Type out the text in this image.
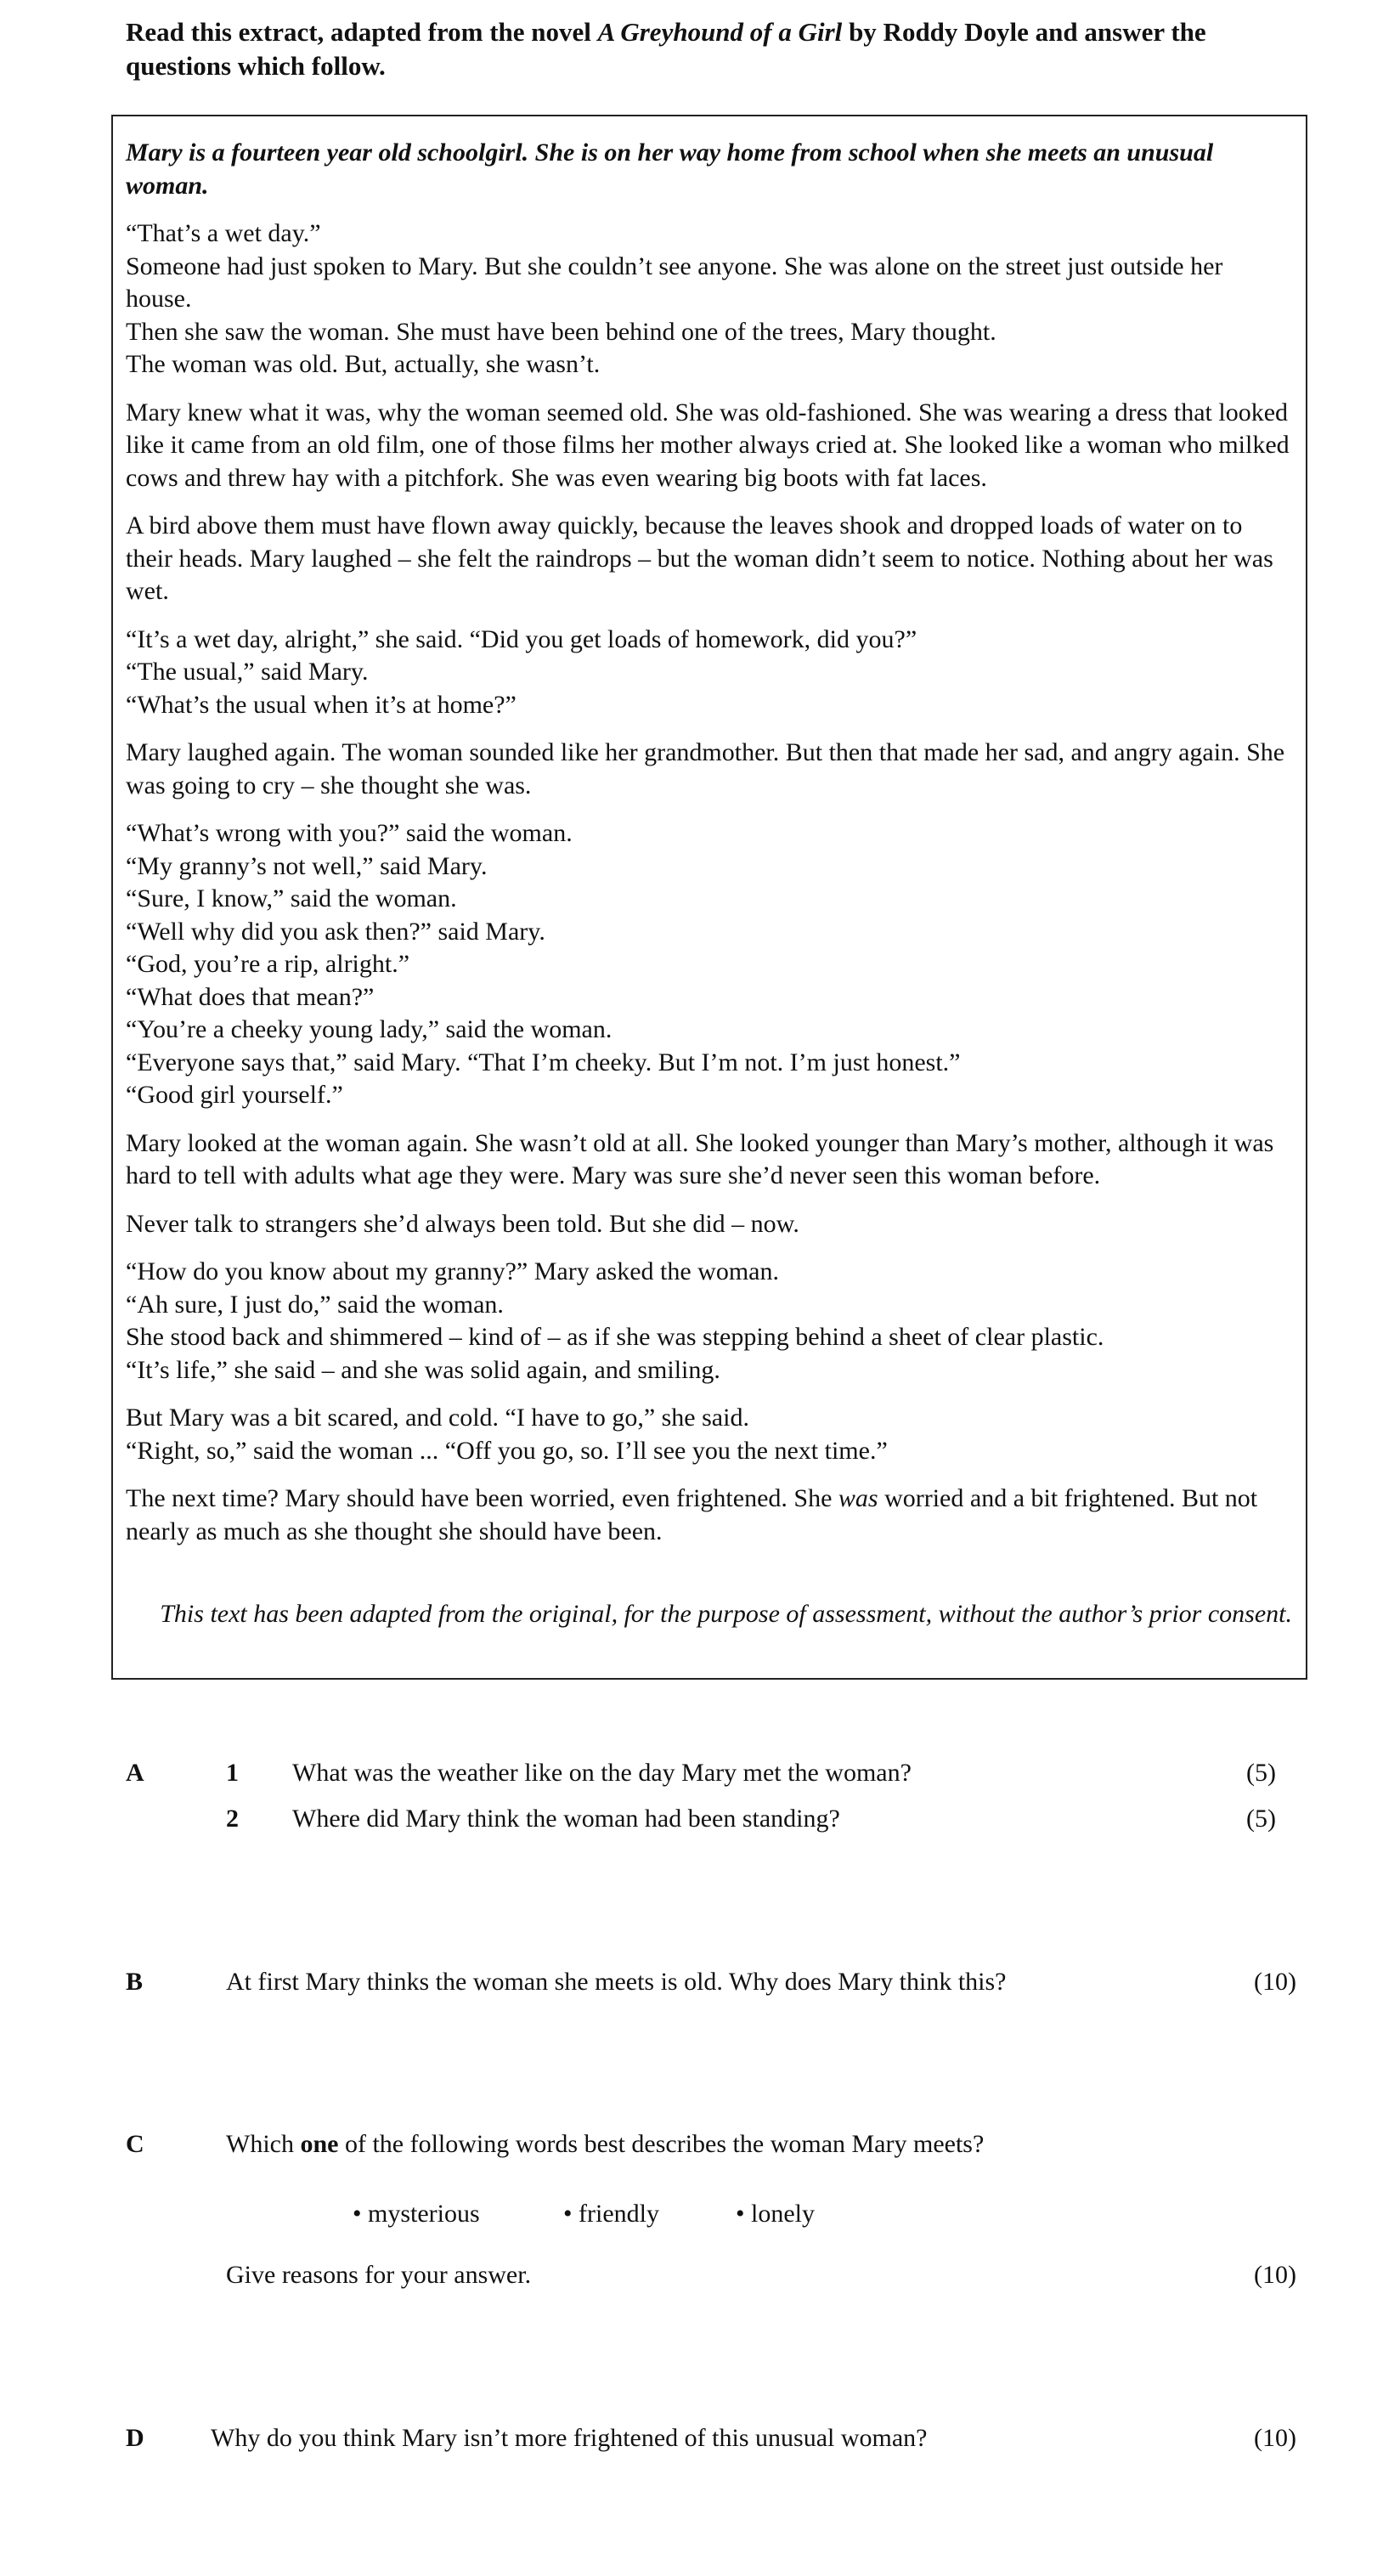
Read this extract, adapted from the novel A Greyhound of a Girl by Roddy Doyle and answer the questions which follow.

Mary is a fourteen year old schoolgirl. She is on her way home from school when she meets an unusual woman.

“That’s a wet day.”
Someone had just spoken to Mary. But she couldn’t see anyone. She was alone on the street just outside her house.
Then she saw the woman. She must have been behind one of the trees, Mary thought.
The woman was old. But, actually, she wasn’t.

Mary knew what it was, why the woman seemed old. She was old-fashioned. She was wearing a dress that looked like it came from an old film, one of those films her mother always cried at. She looked like a woman who milked cows and threw hay with a pitchfork. She was even wearing big boots with fat laces.

A bird above them must have flown away quickly, because the leaves shook and dropped loads of water on to their heads. Mary laughed – she felt the raindrops – but the woman didn’t seem to notice. Nothing about her was wet.

“It’s a wet day, alright,” she said. “Did you get loads of homework, did you?”
“The usual,” said Mary.
“What’s the usual when it’s at home?”

Mary laughed again. The woman sounded like her grandmother. But then that made her sad, and angry again. She was going to cry – she thought she was.

“What’s wrong with you?” said the woman.
“My granny’s not well,” said Mary.
“Sure, I know,” said the woman.
“Well why did you ask then?” said Mary.
“God, you’re a rip, alright.”
“What does that mean?”
“You’re a cheeky young lady,” said the woman.
“Everyone says that,” said Mary. “That I’m cheeky. But I’m not. I’m just honest.”
“Good girl yourself.”

Mary looked at the woman again. She wasn’t old at all. She looked younger than Mary’s mother, although it was hard to tell with adults what age they were. Mary was sure she’d never seen this woman before.

Never talk to strangers she’d always been told. But she did – now.

“How do you know about my granny?” Mary asked the woman.
“Ah sure, I just do,” said the woman.
She stood back and shimmered – kind of – as if she was stepping behind a sheet of clear plastic.
“It’s life,” she said – and she was solid again, and smiling.

But Mary was a bit scared, and cold. “I have to go,” she said.
“Right, so,” said the woman ... “Off you go, so. I’ll see you the next time.”

The next time? Mary should have been worried, even frightened. She was worried and a bit frightened. But not nearly as much as she thought she should have been.

This text has been adapted from the original, for the purpose of assessment, without the author’s prior consent.

A	1 What was the weather like on the day Mary met the woman?	(5)
2 Where did Mary think the woman had been standing?	(5)
B	At first Mary thinks the woman she meets is old. Why does Mary think this?	(10)
C	Which one of the following words best describes the woman Mary meets?
• mysterious	• friendly	• lonely
Give reasons for your answer.	(10)
D	Why do you think Mary isn’t more frightened of this unusual woman?	(10)
